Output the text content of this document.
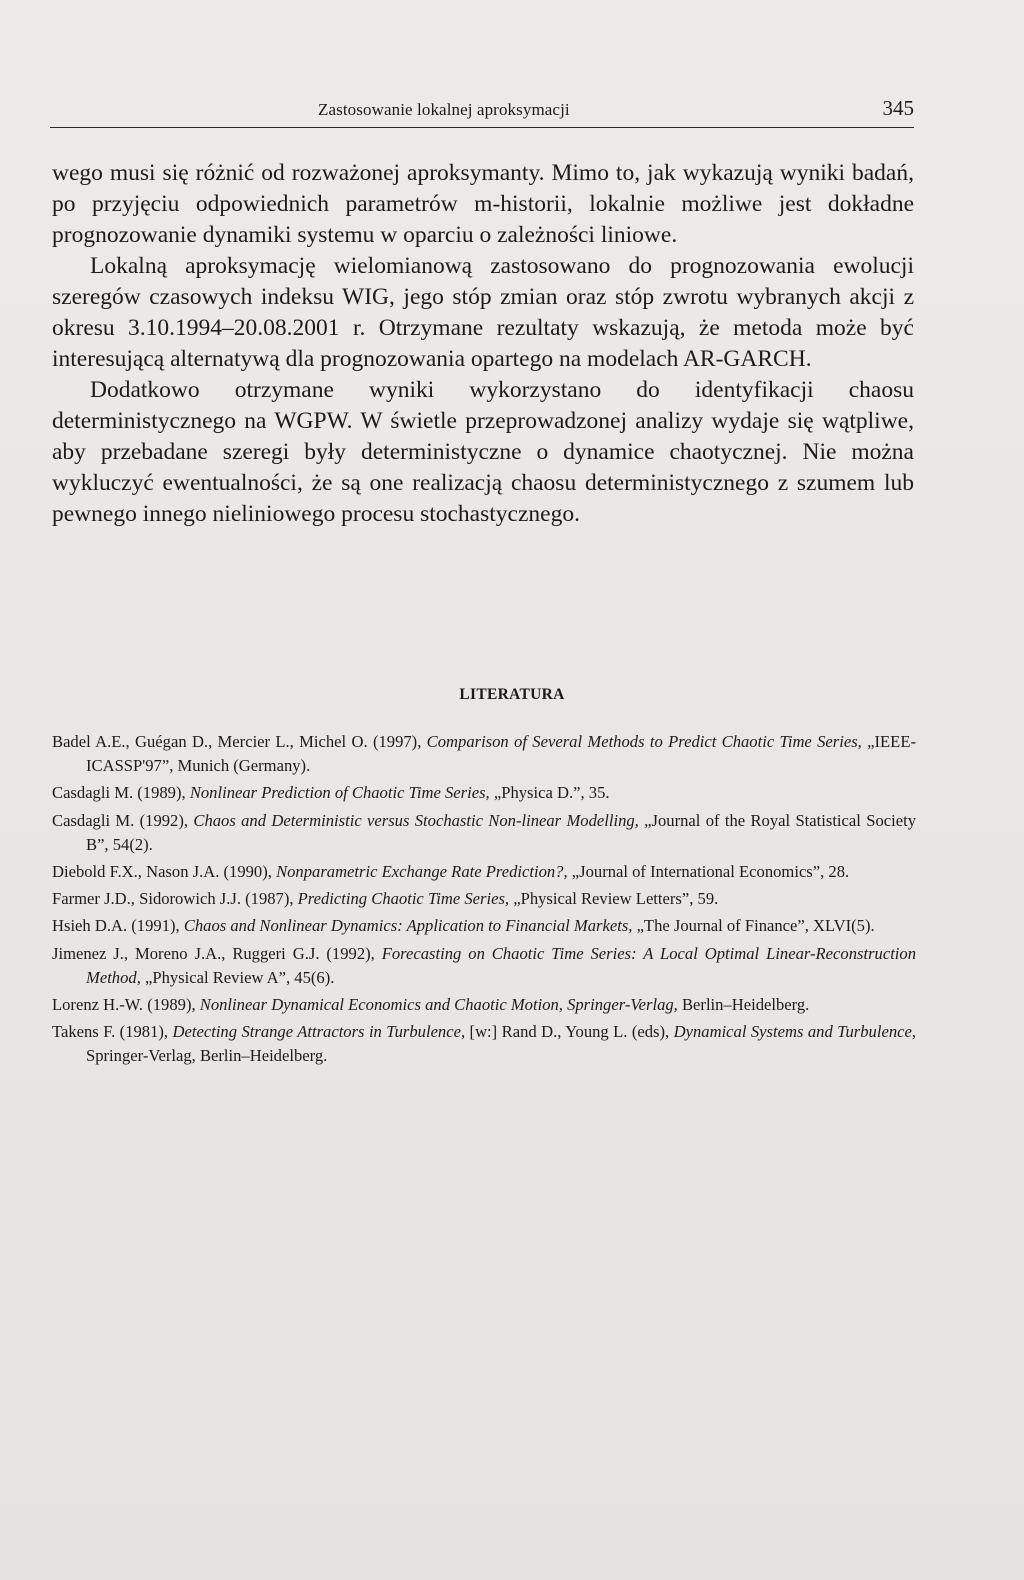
Zastosowanie lokalnej aproksymacji	345

wego musi się różnić od rozważonej aproksymanty. Mimo to, jak wykazują wyniki badań, po przyjęciu odpowiednich parametrów m-historii, lokalnie możliwe jest dokładne prognozowanie dynamiki systemu w oparciu o zależności liniowe.

Lokalną aproksymację wielomianową zastosowano do prognozowania ewolucji szeregów czasowych indeksu WIG, jego stóp zmian oraz stóp zwrotu wybranych akcji z okresu 3.10.1994–20.08.2001 r. Otrzymane rezultaty wskazują, że metoda może być interesującą alternatywą dla prognozowania opartego na modelach AR-GARCH.

Dodatkowo otrzymane wyniki wykorzystano do identyfikacji chaosu deterministycznego na WGPW. W świetle przeprowadzonej analizy wydaje się wątpliwe, aby przebadane szeregi były deterministyczne o dynamice chaotycznej. Nie można wykluczyć ewentualności, że są one realizacją chaosu deterministycznego z szumem lub pewnego innego nieliniowego procesu stochastycznego.

LITERATURA

Badel A.E., Guégan D., Mercier L., Michel O. (1997), Comparison of Several Methods to Predict Chaotic Time Series, „IEEE-ICASSP'97”, Munich (Germany).

Casdagli M. (1989), Nonlinear Prediction of Chaotic Time Series, „Physica D.”, 35.

Casdagli M. (1992), Chaos and Deterministic versus Stochastic Non-linear Modelling, „Journal of the Royal Statistical Society B”, 54(2).

Diebold F.X., Nason J.A. (1990), Nonparametric Exchange Rate Prediction?, „Journal of International Economics”, 28.

Farmer J.D., Sidorowich J.J. (1987), Predicting Chaotic Time Series, „Physical Review Letters”, 59.

Hsieh D.A. (1991), Chaos and Nonlinear Dynamics: Application to Financial Markets, „The Journal of Finance”, XLVI(5).

Jimenez J., Moreno J.A., Ruggeri G.J. (1992), Forecasting on Chaotic Time Series: A Local Optimal Linear-Reconstruction Method, „Physical Review A”, 45(6).

Lorenz H.-W. (1989), Nonlinear Dynamical Economics and Chaotic Motion, Springer-Verlag, Berlin–Heidelberg.

Takens F. (1981), Detecting Strange Attractors in Turbulence, [w:] Rand D., Young L. (eds), Dynamical Systems and Turbulence, Springer-Verlag, Berlin–Heidelberg.
